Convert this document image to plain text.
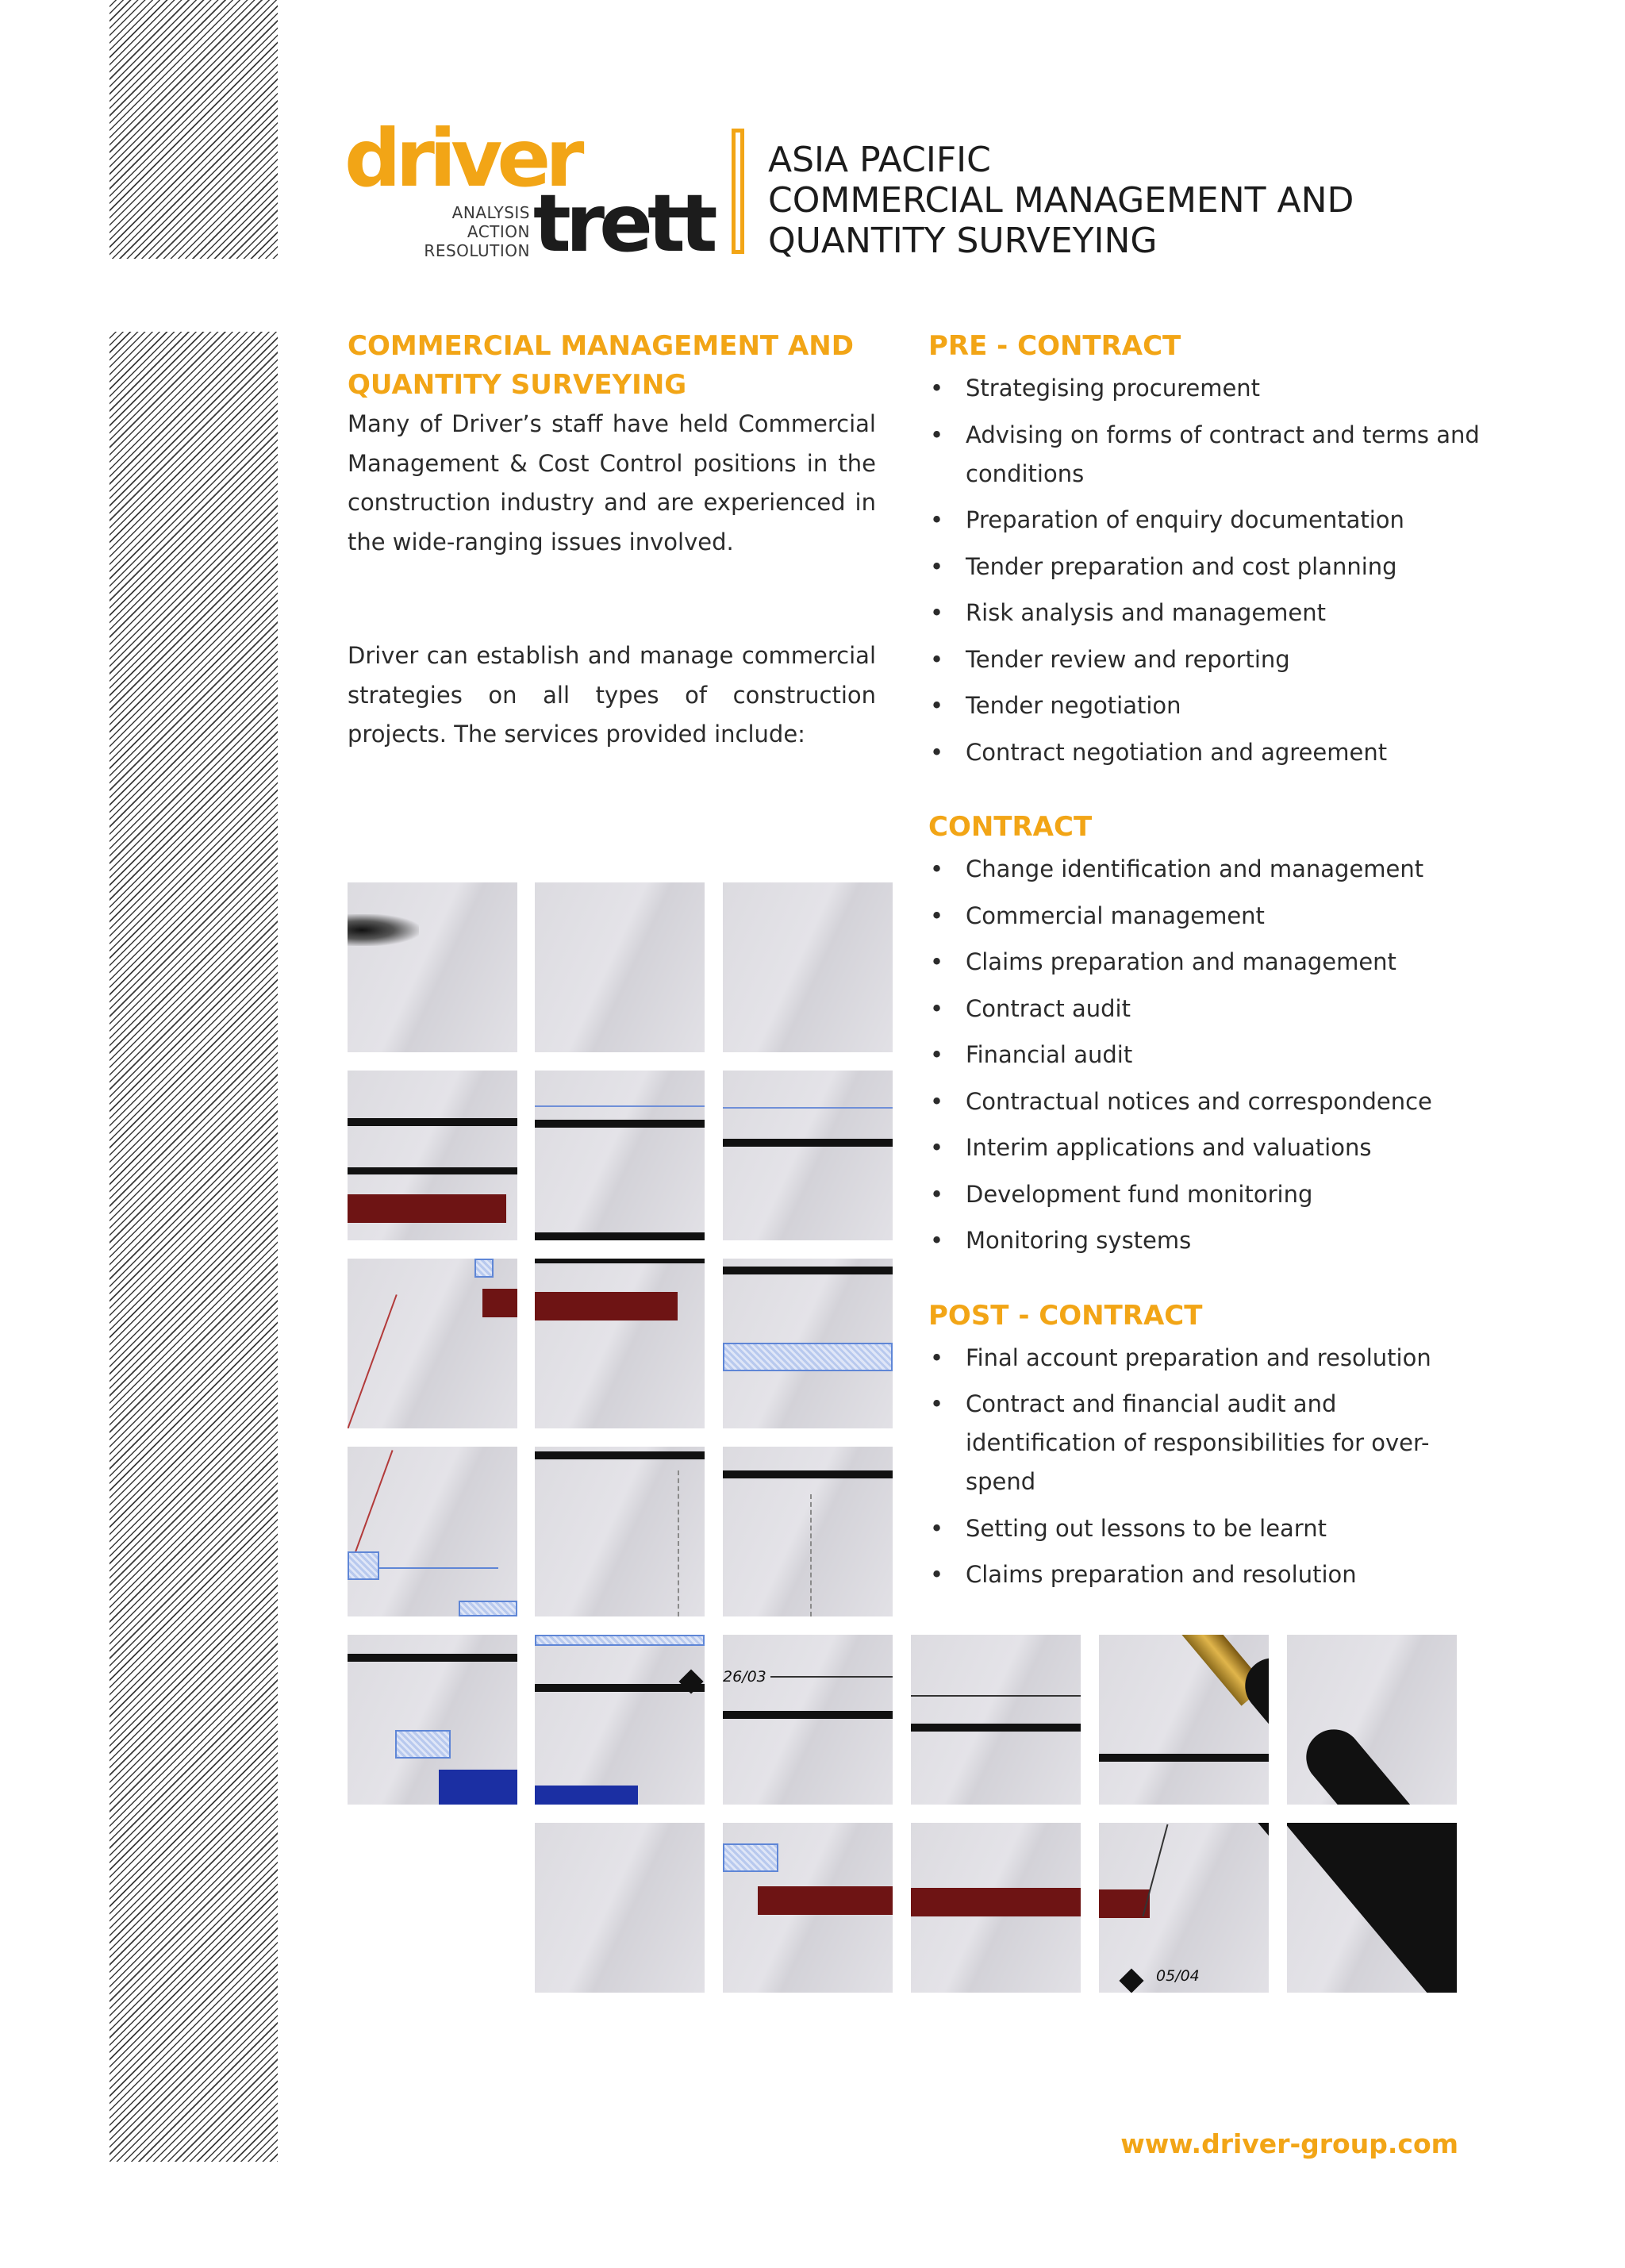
driver
ANALYSIS
ACTION
RESOLUTION trett
ASIA PACIFIC
COMMERCIAL MANAGEMENT AND
QUANTITY SURVEYING
COMMERCIAL MANAGEMENT AND QUANTITY SURVEYING

Many of Driver’s staff have held Commercial Management & Cost Control positions in the construction industry and are experienced in the wide-ranging issues involved.

Driver can establish and manage commercial strategies on all types of construction projects. The services provided include:

PRE - CONTRACT
• Strategising procurement
• Advising on forms of contract and terms and conditions
• Preparation of enquiry documentation
• Tender preparation and cost planning
• Risk analysis and management
• Tender review and reporting
• Tender negotiation
• Contract negotiation and agreement
CONTRACT
• Change identification and management
• Commercial management
• Claims preparation and management
• Contract audit
• Financial audit
• Contractual notices and correspondence
• Interim applications and valuations
• Development fund monitoring
• Monitoring systems
POST - CONTRACT
• Final account preparation and resolution
• Contract and financial audit and identification of responsibilities for over-spend
• Setting out lessons to be learnt
• Claims preparation and resolution
26/03
05/04
www.driver-group.com
